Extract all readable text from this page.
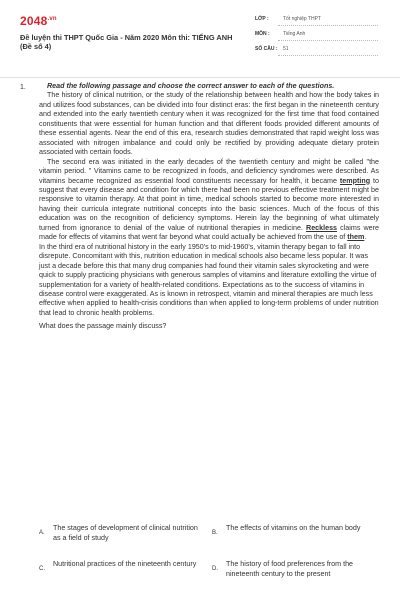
$2048^{.vn}$
Đề luyện thi THPT Quốc Gia - Năm 2020 Môn thi: TIẾNG ANH (Đề số 4)
LỚP :	Tốt nghiệp THPT
MÔN :	Tiếng Anh
SỐ CÂU : 51
1.	Read the following passage and choose the correct answer to each of the questions.

The history of clinical nutrition, or the study of the relationship between health and how the body takes in and utilizes food substances, can be divided into four distinct eras: the first began in the nineteenth century and extended into the early twentieth century when it was recognized for the first time that food contained constituents that were essential for human function and that different foods provided different amounts of these essential agents. Near the end of this era, research studies demonstrated that rapid weight loss was associated with nitrogen imbalance and could only be rectified by providing adequate dietary protein associated with certain foods.

The second era was initiated in the early decades of the twentieth century and might be called "the vitamin period. " Vitamins came to be recognized in foods, and deficiency syndromes were described. As vitamins became recognized as essential food constituents necessary for health, it became tempting to suggest that every disease and condition for which there had been no previous effective treatment might be responsive to vitamin therapy. At that point in time, medical schools started to become more interested in having their curricula integrate nutritional concepts into the basic sciences. Much of the focus of this education was on the recognition of deficiency symptoms. Herein lay the beginning of what ultimately turned from ignorance to denial of the value of nutritional therapies in medicine. Reckless claims were made for effects of vitamins that went far beyond what could actually be achieved from the use of them.

In the third era of nutritional history in the early 1950's to mid-1960's, vitamin therapy began to fall into disrepute. Concomitant with this, nutrition education in medical schools also became less popular. It was just a decade before this that many drug companies had found their vitamin sales skyrocketing and were quick to supply practicing physicians with generous samples of vitamins and literature extolling the virtue of supplementation for a variety of health-related conditions. Expectations as to the success of vitamins in disease control were exaggerated. As is known in retrospect, vitamin and mineral therapies are much less effective when applied to health-crisis conditions than when applied to long-term problems of under nutrition that lead to chronic health problems.

What does the passage mainly discuss?

A.
The stages of development of clinical nutrition as a field of study
B.
The effects of vitamins on the human body
C.
Nutritional practices of the nineteenth century
D.
The history of food preferences from the nineteenth century to the present
